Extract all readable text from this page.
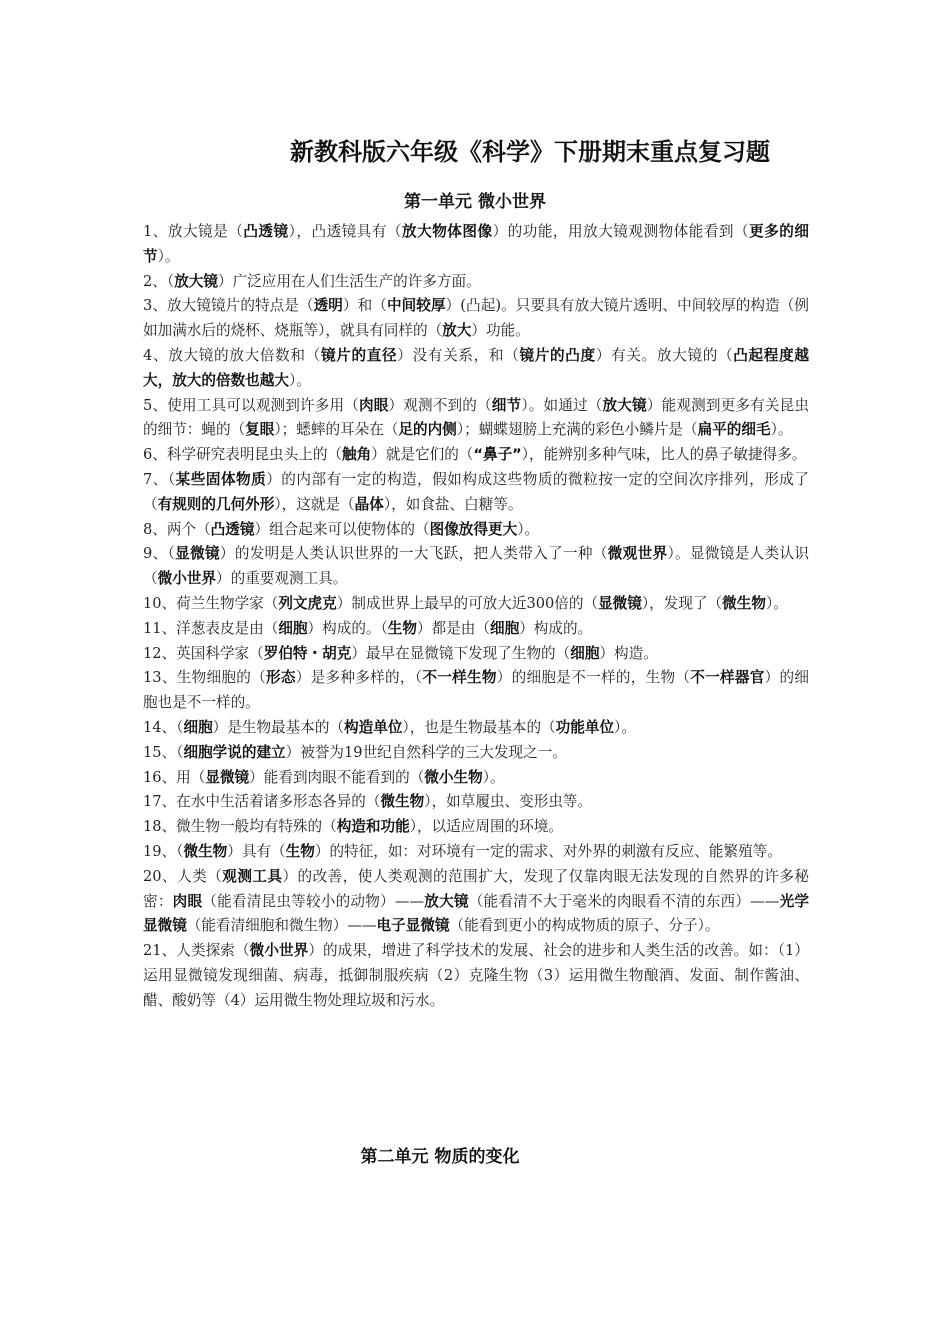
新教科版六年级《科学》下册期末重点复习题
第一单元 微小世界

1、放大镜是（凸透镜），凸透镜具有（放大物体图像）的功能，用放大镜观测物体能看到（更多的细节）。

2、（放大镜）广泛应用在人们生活生产的许多方面。

3、放大镜镜片的特点是（透明）和（中间较厚）(凸起)。只要具有放大镜片透明、中间较厚的构造（例如加满水后的烧杯、烧瓶等），就具有同样的（放大）功能。

4、放大镜的放大倍数和（镜片的直径）没有关系，和（镜片的凸度）有关。放大镜的（凸起程度越大，放大的倍数也越大）。

5、使用工具可以观测到许多用（肉眼）观测不到的（细节）。如通过（放大镜）能观测到更多有关昆虫的细节：蝇的（复眼）；蟋蟀的耳朵在（足的内侧）；蝴蝶翅膀上充满的彩色小鳞片是（扁平的细毛）。

6、科学研究表明昆虫头上的（触角）就是它们的（“鼻子”），能辨别多种气味，比人的鼻子敏捷得多。

7、（某些固体物质）的内部有一定的构造，假如构成这些物质的微粒按一定的空间次序排列，形成了（有规则的几何外形），这就是（晶体），如食盐、白糖等。

8、两个（凸透镜）组合起来可以使物体的（图像放得更大）。

9、（显微镜）的发明是人类认识世界的一大飞跃，把人类带入了一种（微观世界）。显微镜是人类认识（微小世界）的重要观测工具。

10、荷兰生物学家（列文虎克）制成世界上最早的可放大近300倍的（显微镜），发现了（微生物）。

11、洋葱表皮是由（细胞）构成的。（生物）都是由（细胞）构成的。

12、英国科学家（罗伯特・胡克）最早在显微镜下发现了生物的（细胞）构造。

13、生物细胞的（形态）是多种多样的，（不一样生物）的细胞是不一样的，生物（不一样器官）的细胞也是不一样的。

14、（细胞）是生物最基本的（构造单位），也是生物最基本的（功能单位）。

15、（细胞学说的建立）被誉为19世纪自然科学的三大发现之一。

16、用（显微镜）能看到肉眼不能看到的（微小生物）。

17、在水中生活着诸多形态各异的（微生物），如草履虫、变形虫等。

18、微生物一般均有特殊的（构造和功能），以适应周围的环境。

19、（微生物）具有（生物）的特征，如：对环境有一定的需求、对外界的刺激有反应、能繁殖等。

20、人类（观测工具）的改善，使人类观测的范围扩大，发现了仅靠肉眼无法发现的自然界的许多秘密：肉眼（能看清昆虫等较小的动物）——放大镜（能看清不大于毫米的肉眼看不清的东西）——光学显微镜（能看清细胞和微生物）——电子显微镜（能看到更小的构成物质的原子、分子）。

21、人类探索（微小世界）的成果，增进了科学技术的发展、社会的进步和人类生活的改善。如：（1）运用显微镜发现细菌、病毒，抵御制服疾病（2）克隆生物（3）运用微生物酿酒、发面、制作酱油、醋、酸奶等（4）运用微生物处理垃圾和污水。

第二单元 物质的变化
